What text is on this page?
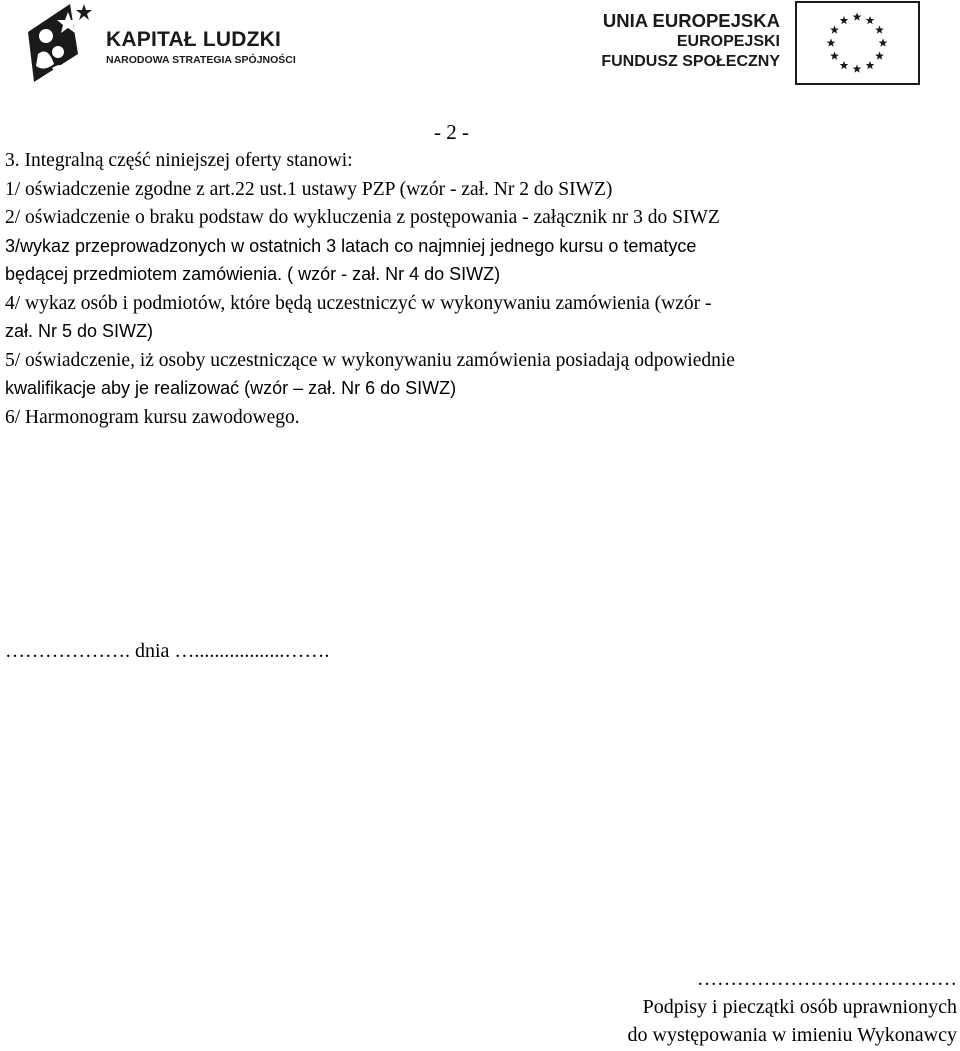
KAPITAŁ LUDZKI
NARODOWA STRATEGIA SPÓJNOŚCI
UNIA EUROPEJSKA
EUROPEJSKI
FUNDUSZ SPOŁECZNY
- 2 -
3. Integralną część niniejszej oferty stanowi:
1/ oświadczenie zgodne z art.22 ust.1 ustawy PZP (wzór - zał. Nr 2 do SIWZ)
2/ oświadczenie o braku podstaw do wykluczenia z postępowania - załącznik nr 3 do SIWZ
3/wykaz przeprowadzonych w ostatnich 3 latach co najmniej jednego kursu o tematyce
będącej przedmiotem zamówienia. ( wzór - zał. Nr 4 do SIWZ)
4/ wykaz osób i podmiotów, które będą uczestniczyć w wykonywaniu zamówienia (wzór -
zał. Nr 5 do SIWZ)
5/ oświadczenie, iż osoby uczestniczące w wykonywaniu zamówienia posiadają odpowiednie
kwalifikacje aby je realizować (wzór – zał. Nr 6 do SIWZ)
6/ Harmonogram kursu zawodowego.
………………. dnia …..................…….
…………………………………
Podpisy i pieczątki osób uprawnionych
do występowania w imieniu Wykonawcy
